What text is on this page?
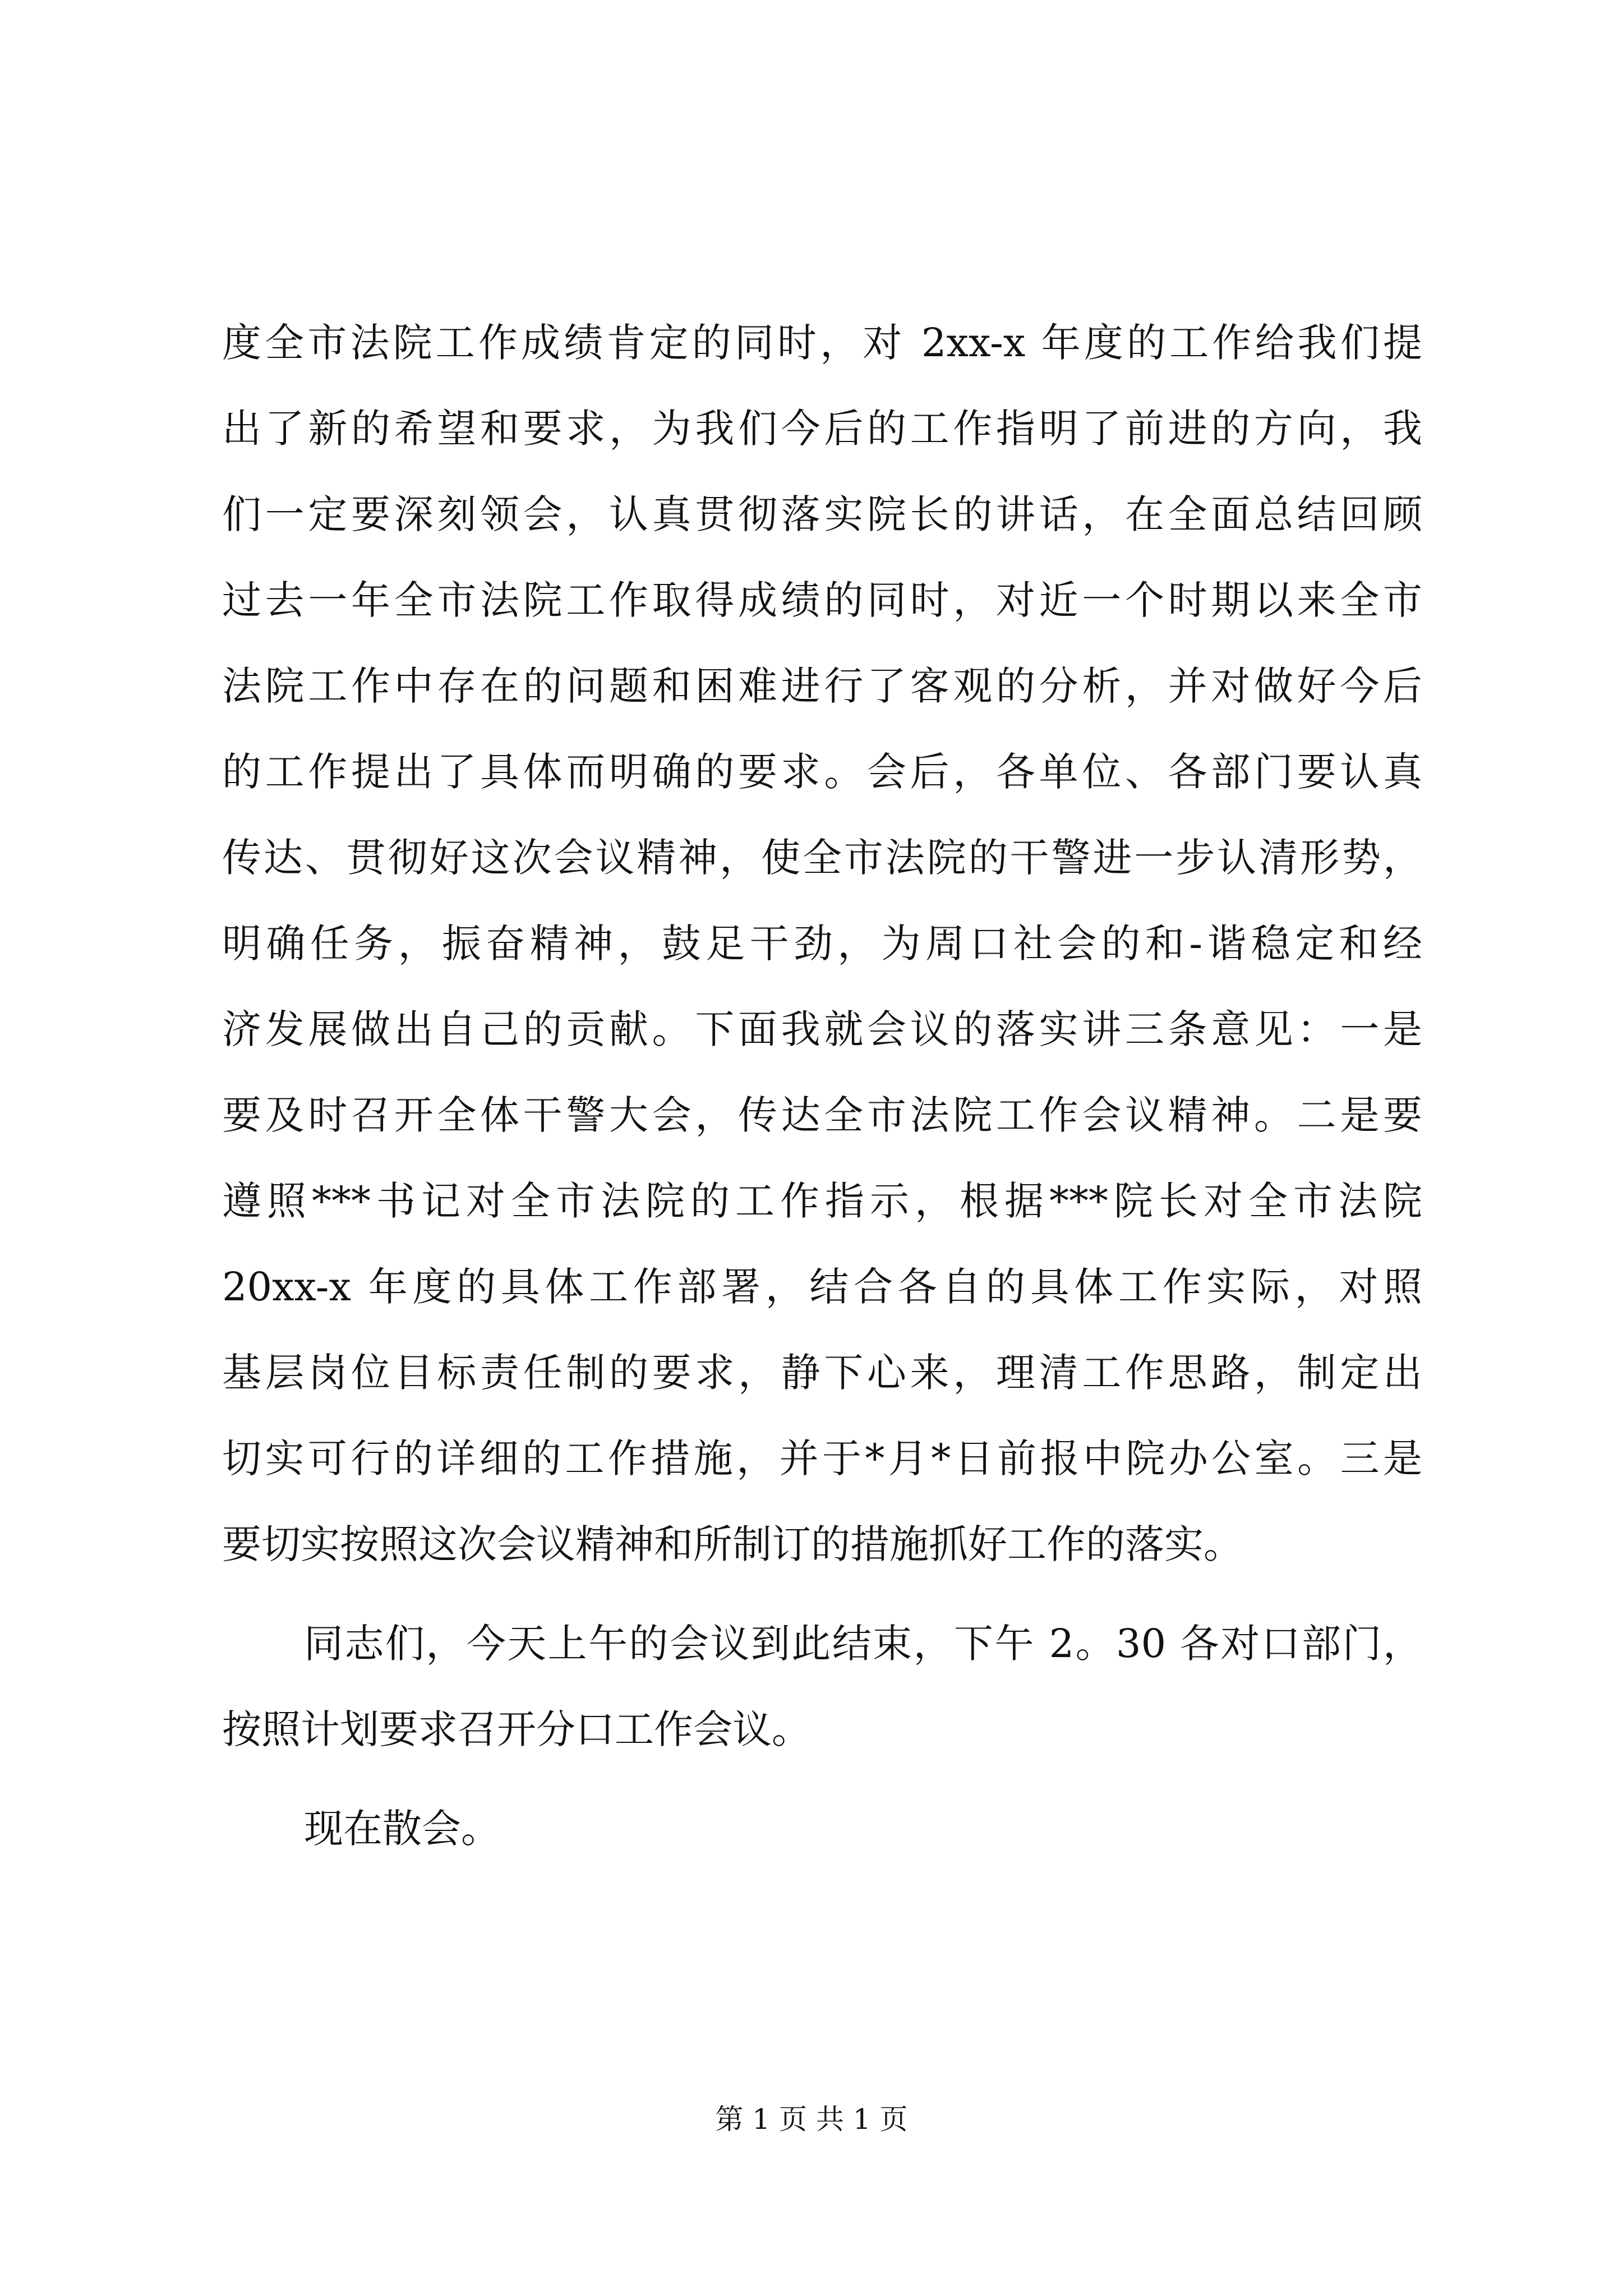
度全市法院工作成绩肯定的同时，对 2xx-x 年度的工作给我们提
出了新的希望和要求，为我们今后的工作指明了前进的方向，我
们一定要深刻领会，认真贯彻落实院长的讲话，在全面总结回顾
过去一年全市法院工作取得成绩的同时，对近一个时期以来全市
法院工作中存在的问题和困难进行了客观的分析，并对做好今后
的工作提出了具体而明确的要求。会后，各单位、各部门要认真
传达、贯彻好这次会议精神，使全市法院的干警进一步认清形势，
明确任务，振奋精神，鼓足干劲，为周口社会的和-谐稳定和经
济发展做出自己的贡献。下面我就会议的落实讲三条意见：一是
要及时召开全体干警大会，传达全市法院工作会议精神。二是要
遵照***书记对全市法院的工作指示，根据***院长对全市法院
20xx-x 年度的具体工作部署，结合各自的具体工作实际，对照
基层岗位目标责任制的要求，静下心来，理清工作思路，制定出
切实可行的详细的工作措施，并于*月*日前报中院办公室。三是
要切实按照这次会议精神和所制订的措施抓好工作的落实。
同志们，今天上午的会议到此结束，下午 2。30 各对口部门，
按照计划要求召开分口工作会议。
现在散会。
第 1 页 共 1 页
